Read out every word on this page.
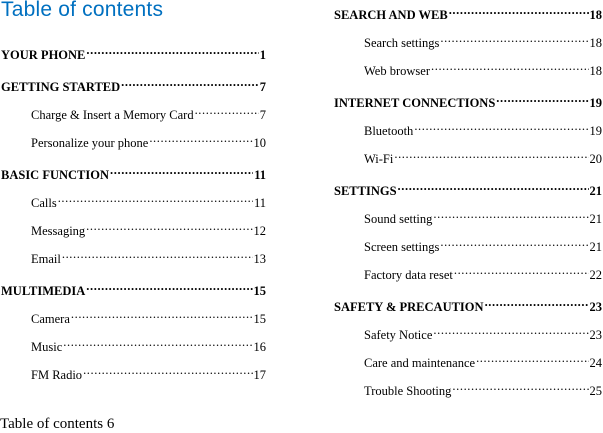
Table of contents
YOUR PHONE .....	1
GETTING STARTED .....	7
Charge & Insert a Memory Card .....	7
Personalize your phone .....	10
BASIC FUNCTION .....	11
Calls .....	11
Messaging .....	12
Email .....	13
MULTIMEDIA .....	15
Camera .....	15
Music .....	16
FM Radio .....	17
SEARCH AND WEB .....	18
Search settings .....	18
Web browser .....	18
INTERNET CONNECTIONS .....	19
Bluetooth .....	19
Wi-Fi .....	20
SETTINGS .....	21
Sound setting .....	21
Screen settings .....	21
Factory data reset .....	22
SAFETY & PRECAUTION .....	23
Safety Notice .....	23
Care and maintenance .....	24
Trouble Shooting .....	25
Table of contents 6
